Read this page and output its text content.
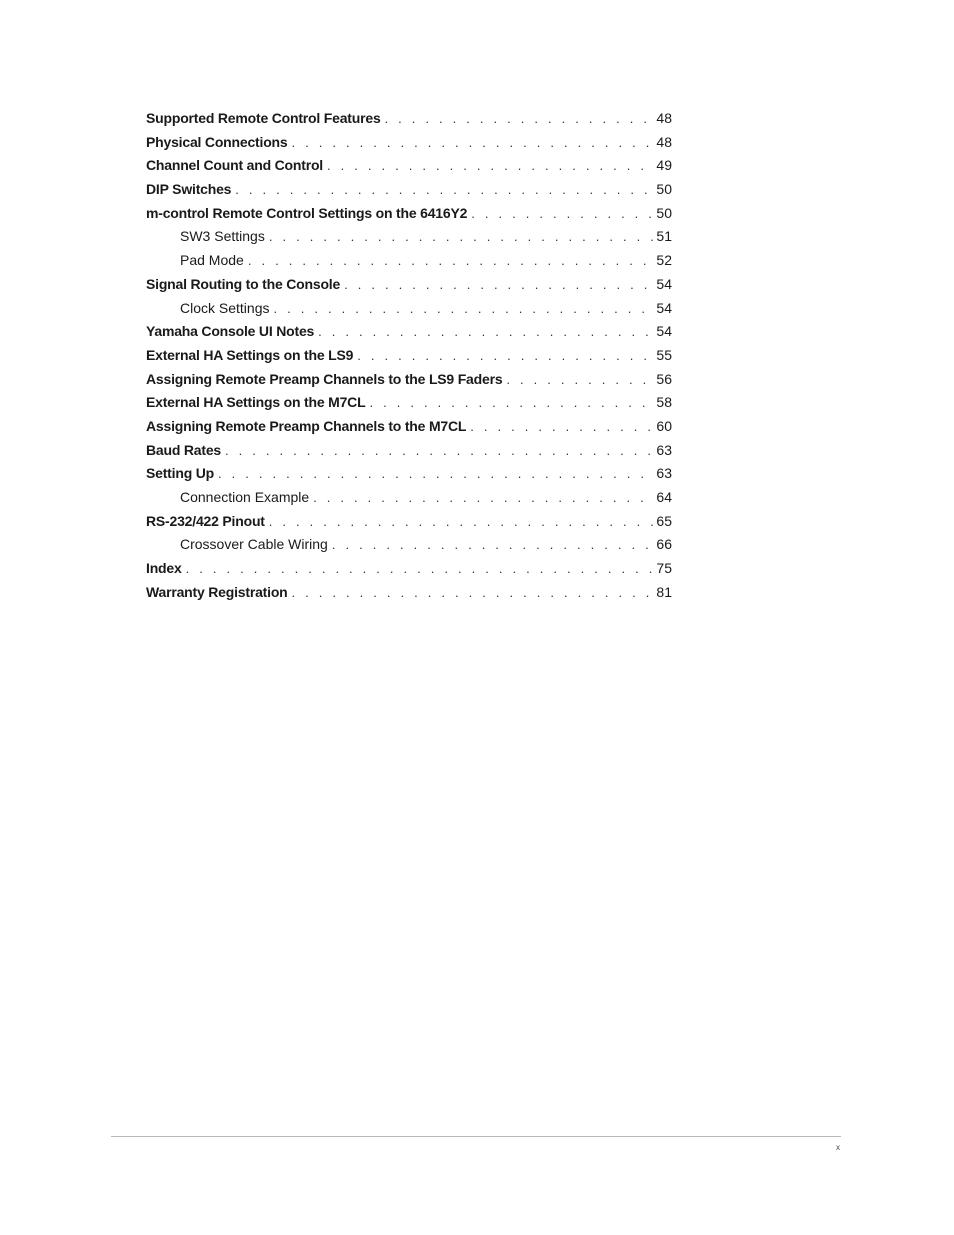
Supported Remote Control Features . . .	48
Physical Connections . . .	48
Channel Count and Control . . .	49
DIP Switches . . .	50
m-control Remote Control Settings on the 6416Y2 . . .	50
SW3 Settings . . .	51
Pad Mode . . .	52
Signal Routing to the Console . . .	54
Clock Settings . . .	54
Yamaha Console UI Notes . . .	54
External HA Settings on the LS9 . . .	55
Assigning Remote Preamp Channels to the LS9 Faders . . .	56
External HA Settings on the M7CL . . .	58
Assigning Remote Preamp Channels to the M7CL . . .	60
Baud Rates . . .	63
Setting Up . . .	63
Connection Example . . .	64
RS-232/422 Pinout . . .	65
Crossover Cable Wiring . . .	66
Index . . .	75
Warranty Registration . . .	81
x
